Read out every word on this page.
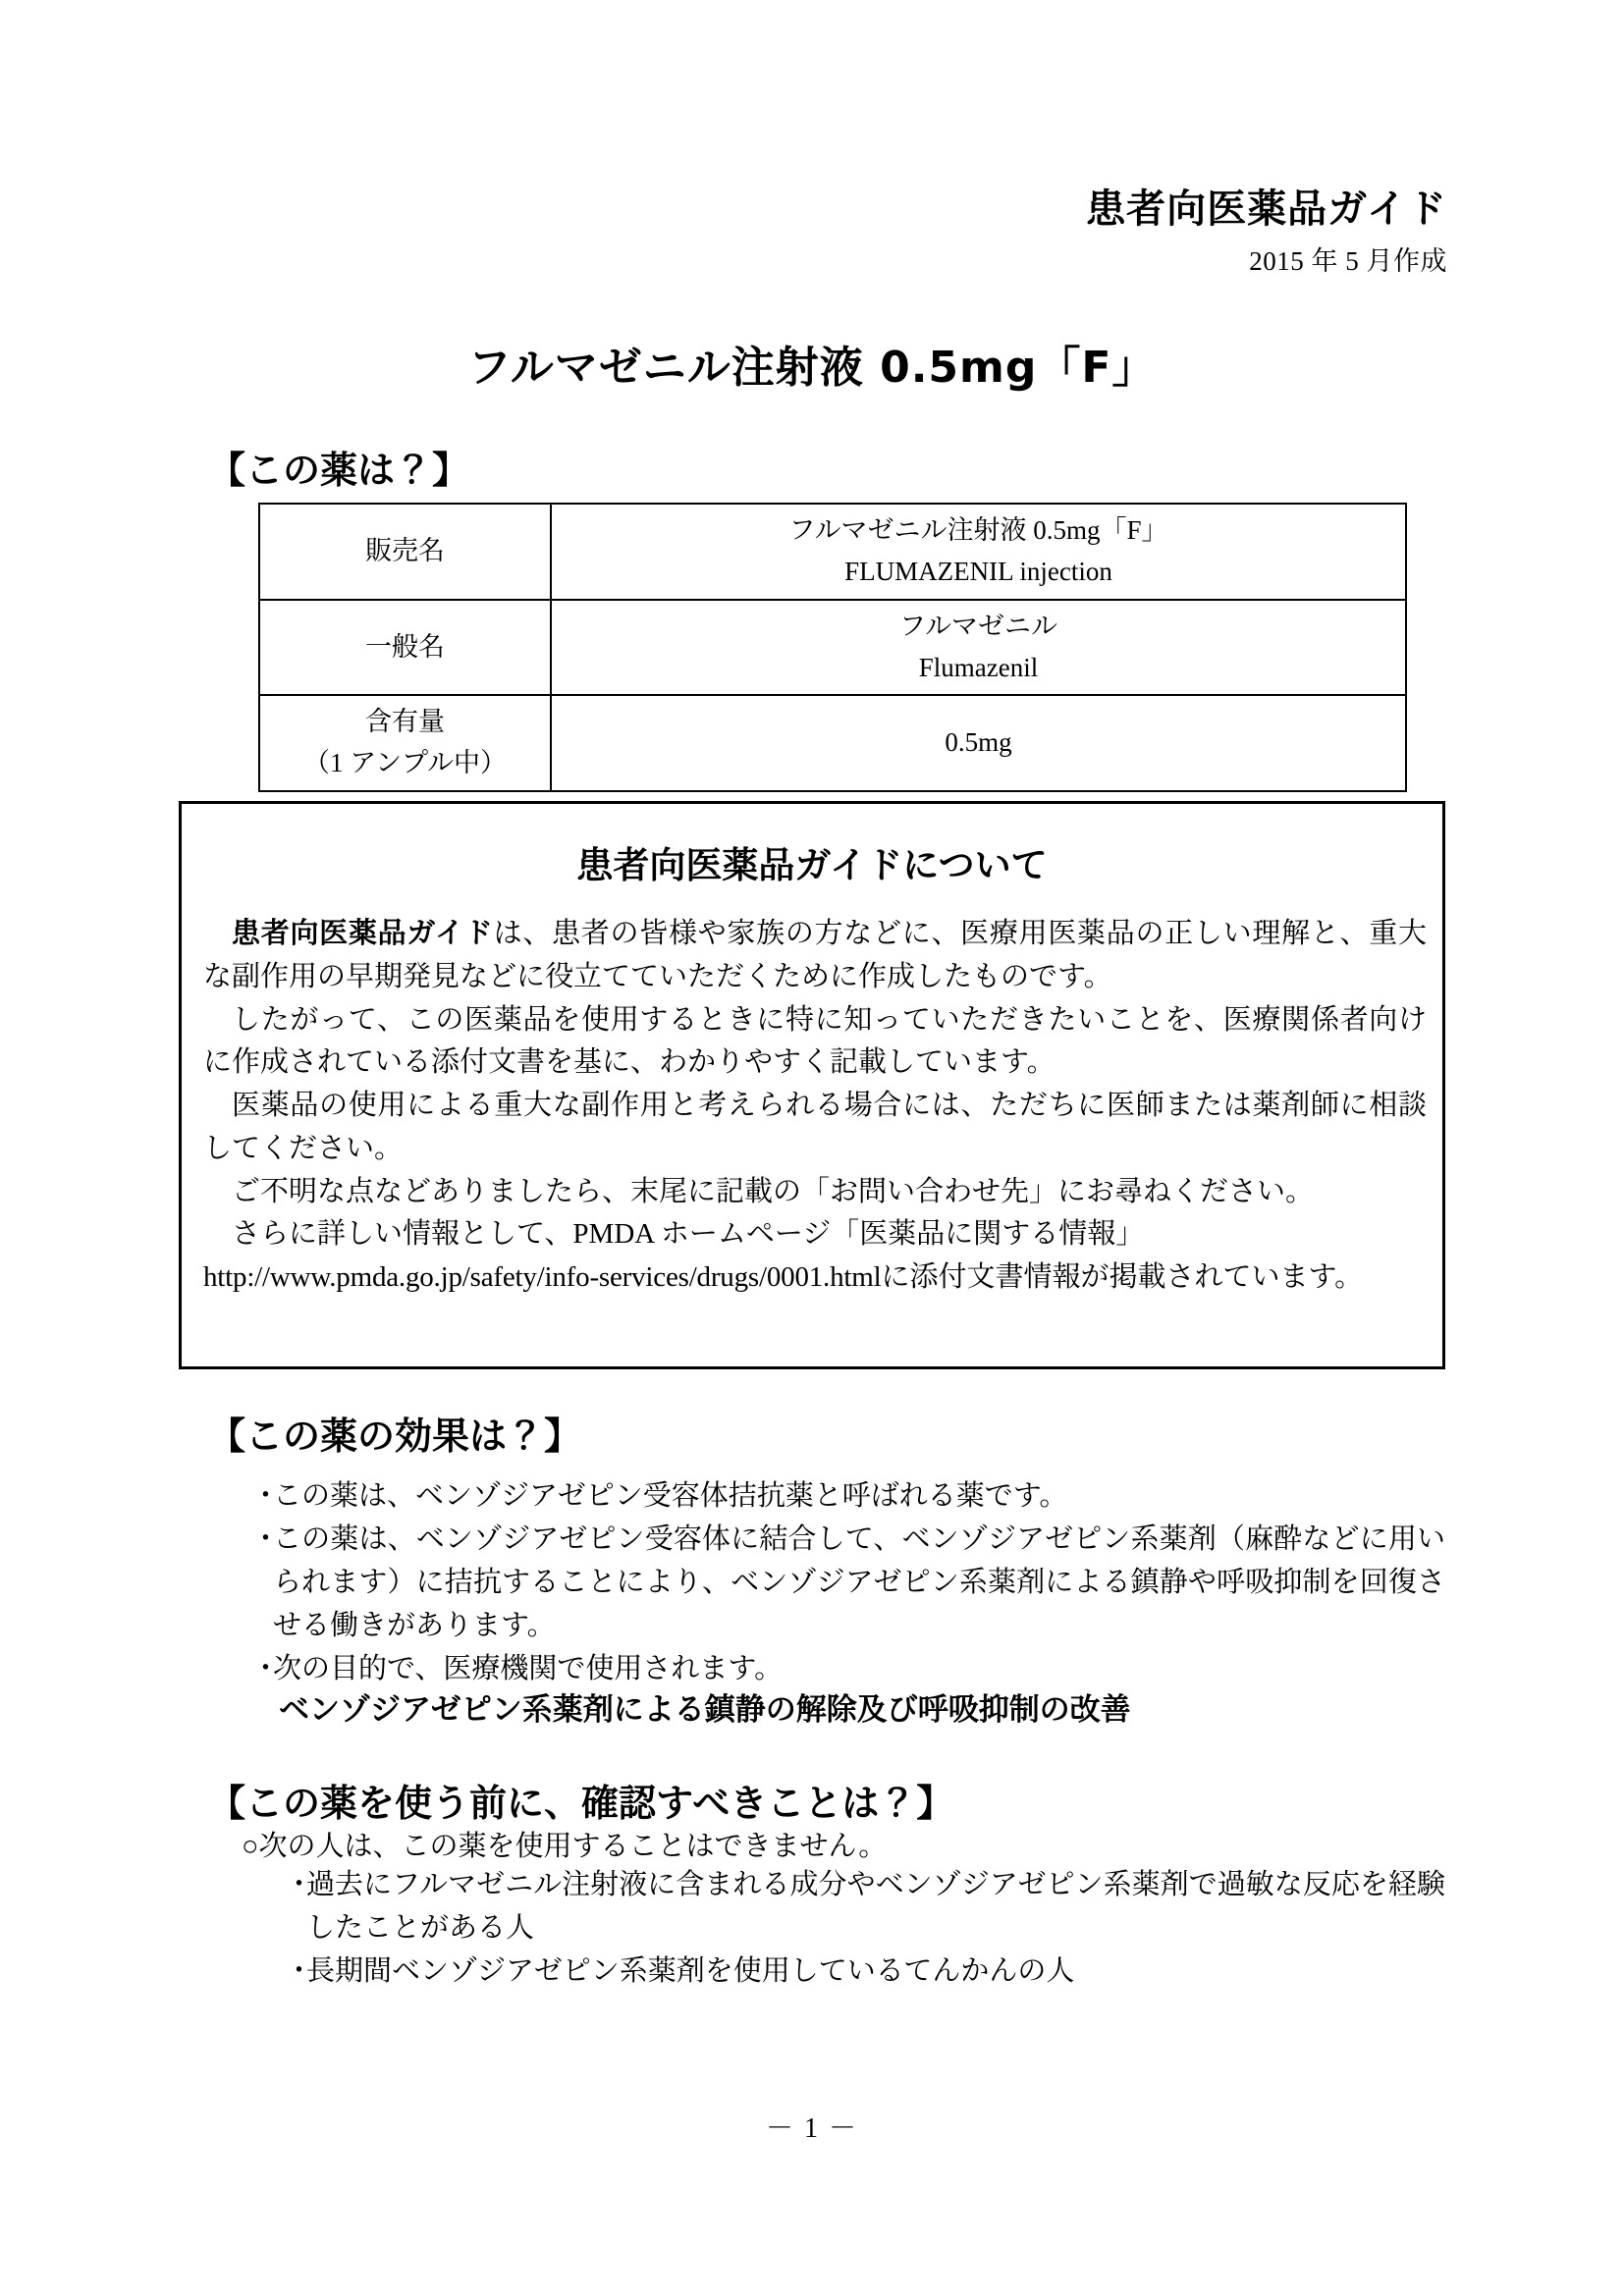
患者向医薬品ガイド
2015 年 5 月作成
フルマゼニル注射液 0.5mg「F」
【この薬は？】
販売名	フルマゼニル注射液 0.5mg「F」
FLUMAZENIL injection

一般名	フルマゼニル
Flumazenil

含有量
（1 アンプル中）	0.5mg
患者向医薬品ガイドについて

患者向医薬品ガイドは、患者の皆様や家族の方などに、医療用医薬品の正しい理解と、重大な副作用の早期発見などに役立てていただくために作成したものです。

したがって、この医薬品を使用するときに特に知っていただきたいことを、医療関係者向けに作成されている添付文書を基に、わかりやすく記載しています。

医薬品の使用による重大な副作用と考えられる場合には、ただちに医師または薬剤師に相談してください。

ご不明な点などありましたら、末尾に記載の「お問い合わせ先」にお尋ねください。

さらに詳しい情報として、PMDA ホームページ「医薬品に関する情報」

http://www.pmda.go.jp/safety/info-services/drugs/0001.htmlに添付文書情報が掲載されています。

【この薬の効果は？】
・
この薬は、ベンゾジアゼピン受容体拮抗薬と呼ばれる薬です。
・
この薬は、ベンゾジアゼピン受容体に結合して、ベンゾジアゼピン系薬剤（麻酔などに用いられます）に拮抗することにより、ベンゾジアゼピン系薬剤による鎮静や呼吸抑制を回復させる働きがあります。
・
次の目的で、医療機関で使用されます。
ベンゾジアゼピン系薬剤による鎮静の解除及び呼吸抑制の改善
【この薬を使う前に、確認すべきことは？】
○次の人は、この薬を使用することはできません。
・
過去にフルマゼニル注射液に含まれる成分やベンゾジアゼピン系薬剤で過敏な反応を経験したことがある人
・
長期間ベンゾジアゼピン系薬剤を使用しているてんかんの人
－ 1 －
